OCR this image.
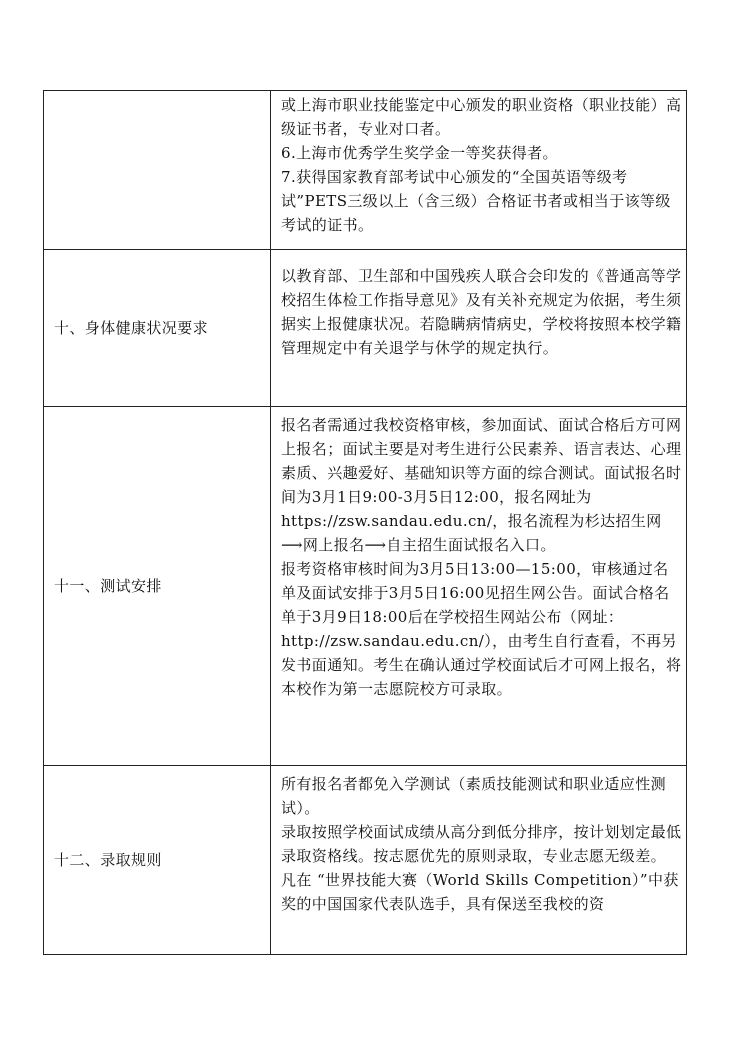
	或上海市职业技能鉴定中心颁发的职业资格（职业技能）高级证书者，专业对口者。

6.上海市优秀学生奖学金一等奖获得者。

7.获得国家教育部考试中心颁发的“全国英语等级考试”PETS三级以上（含三级）合格证书者或相当于该等级考试的证书。

十、身体健康状况要求	以教育部、卫生部和中国残疾人联合会印发的《普通高等学校招生体检工作指导意见》及有关补充规定为依据，考生须据实上报健康状况。若隐瞒病情病史，学校将按照本校学籍管理规定中有关退学与休学的规定执行。

十一、测试安排	报名者需通过我校资格审核，参加面试、面试合格后方可网上报名；面试主要是对考生进行公民素养、语言表达、心理素质、兴趣爱好、基础知识等方面的综合测试。面试报名时间为3月1日9:00-3月5日12:00，报名网址为https://zsw.sandau.edu.cn/，报名流程为杉达招生网⟶网上报名⟶自主招生面试报名入口。

报考资格审核时间为3月5日13:00—15:00，审核通过名单及面试安排于3月5日16:00见招生网公告。面试合格名单于3月9日18:00后在学校招生网站公布（网址：http://zsw.sandau.edu.cn/），由考生自行查看，不再另发书面通知。考生在确认通过学校面试后才可网上报名，将本校作为第一志愿院校方可录取。

十二、录取规则	所有报名者都免入学测试（素质技能测试和职业适应性测试）。

录取按照学校面试成绩从高分到低分排序，按计划划定最低录取资格线。按志愿优先的原则录取，专业志愿无级差。

凡在 “世界技能大赛（World Skills Competition）”中获奖的中国国家代表队选手，具有保送至我校的资
